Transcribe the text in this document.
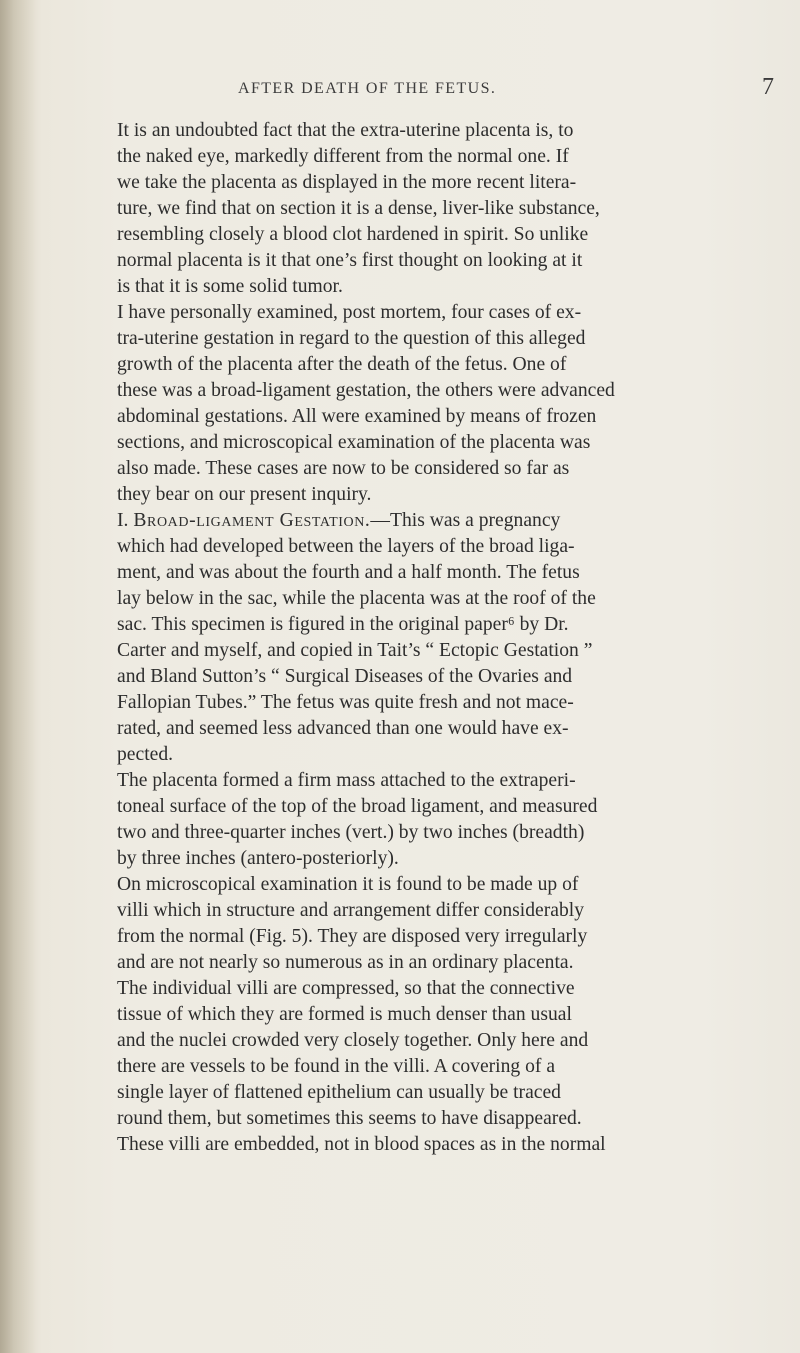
AFTER DEATH OF THE FETUS.	7
It is an undoubted fact that the extra-uterine placenta is, to
the naked eye, markedly different from the normal one. If
we take the placenta as displayed in the more recent litera-
ture, we find that on section it is a dense, liver-like substance,
resembling closely a blood clot hardened in spirit. So unlike
normal placenta is it that one’s first thought on looking at it
is that it is some solid tumor.
I have personally examined, post mortem, four cases of ex-
tra-uterine gestation in regard to the question of this alleged
growth of the placenta after the death of the fetus. One of
these was a broad-ligament gestation, the others were advanced
abdominal gestations. All were examined by means of frozen
sections, and microscopical examination of the placenta was
also made. These cases are now to be considered so far as
they bear on our present inquiry.
I. Broad-ligament Gestation.—This was a pregnancy
which had developed between the layers of the broad liga-
ment, and was about the fourth and a half month. The fetus
lay below in the sac, while the placenta was at the roof of the
sac. This specimen is figured in the original paper⁶ by Dr.
Carter and myself, and copied in Tait’s “ Ectopic Gestation ”
and Bland Sutton’s “ Surgical Diseases of the Ovaries and
Fallopian Tubes.” The fetus was quite fresh and not mace-
rated, and seemed less advanced than one would have ex-
pected.
The placenta formed a firm mass attached to the extraperi-
toneal surface of the top of the broad ligament, and measured
two and three-quarter inches (vert.) by two inches (breadth)
by three inches (antero-posteriorly).
On microscopical examination it is found to be made up of
villi which in structure and arrangement differ considerably
from the normal (Fig. 5). They are disposed very irregularly
and are not nearly so numerous as in an ordinary placenta.
The individual villi are compressed, so that the connective
tissue of which they are formed is much denser than usual
and the nuclei crowded very closely together. Only here and
there are vessels to be found in the villi. A covering of a
single layer of flattened epithelium can usually be traced
round them, but sometimes this seems to have disappeared.
These villi are embedded, not in blood spaces as in the normal
